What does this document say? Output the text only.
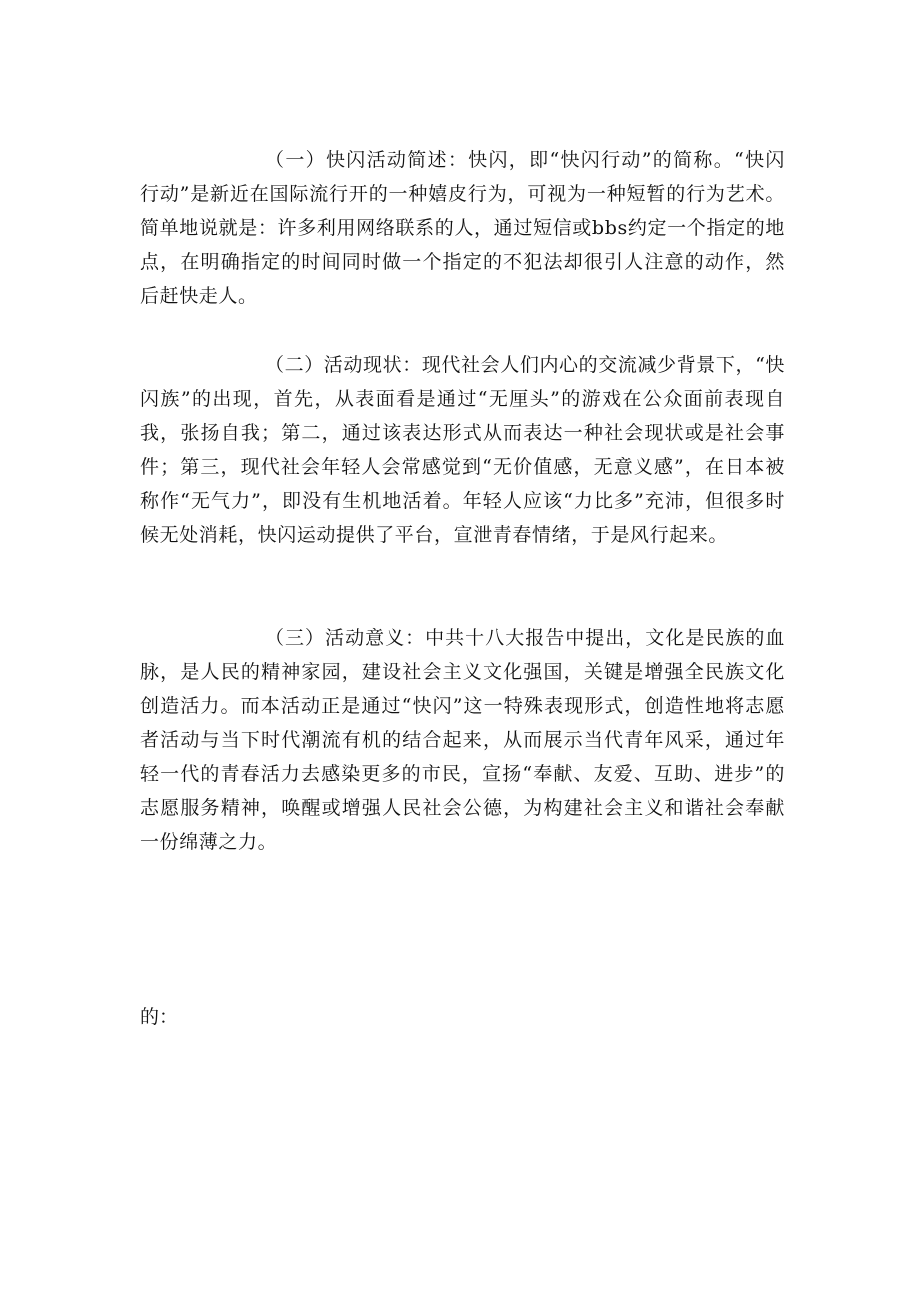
（一）快闪活动简述：快闪，即“快闪行动”的简称。“快闪行动”是新近在国际流行开的一种嬉皮行为，可视为一种短暂的行为艺术。简单地说就是：许多利用网络联系的人，通过短信或bbs约定一个指定的地点，在明确指定的时间同时做一个指定的不犯法却很引人注意的动作，然后赶快走人。

（二）活动现状：现代社会人们内心的交流减少背景下，“快闪族”的出现，首先，从表面看是通过“无厘头”的游戏在公众面前表现自我，张扬自我；第二，通过该表达形式从而表达一种社会现状或是社会事件；第三，现代社会年轻人会常感觉到“无价值感，无意义感”，在日本被称作“无气力”，即没有生机地活着。年轻人应该“力比多”充沛，但很多时候无处消耗，快闪运动提供了平台，宣泄青春情绪，于是风行起来。

（三）活动意义：中共十八大报告中提出，文化是民族的血脉，是人民的精神家园，建设社会主义文化强国，关键是增强全民族文化创造活力。而本活动正是通过“快闪”这一特殊表现形式，创造性地将志愿者活动与当下时代潮流有机的结合起来，从而展示当代青年风采，通过年轻一代的青春活力去感染更多的市民，宣扬“奉献、友爱、互助、进步”的志愿服务精神，唤醒或增强人民社会公德，为构建社会主义和谐社会奉献一份绵薄之力。

的：
